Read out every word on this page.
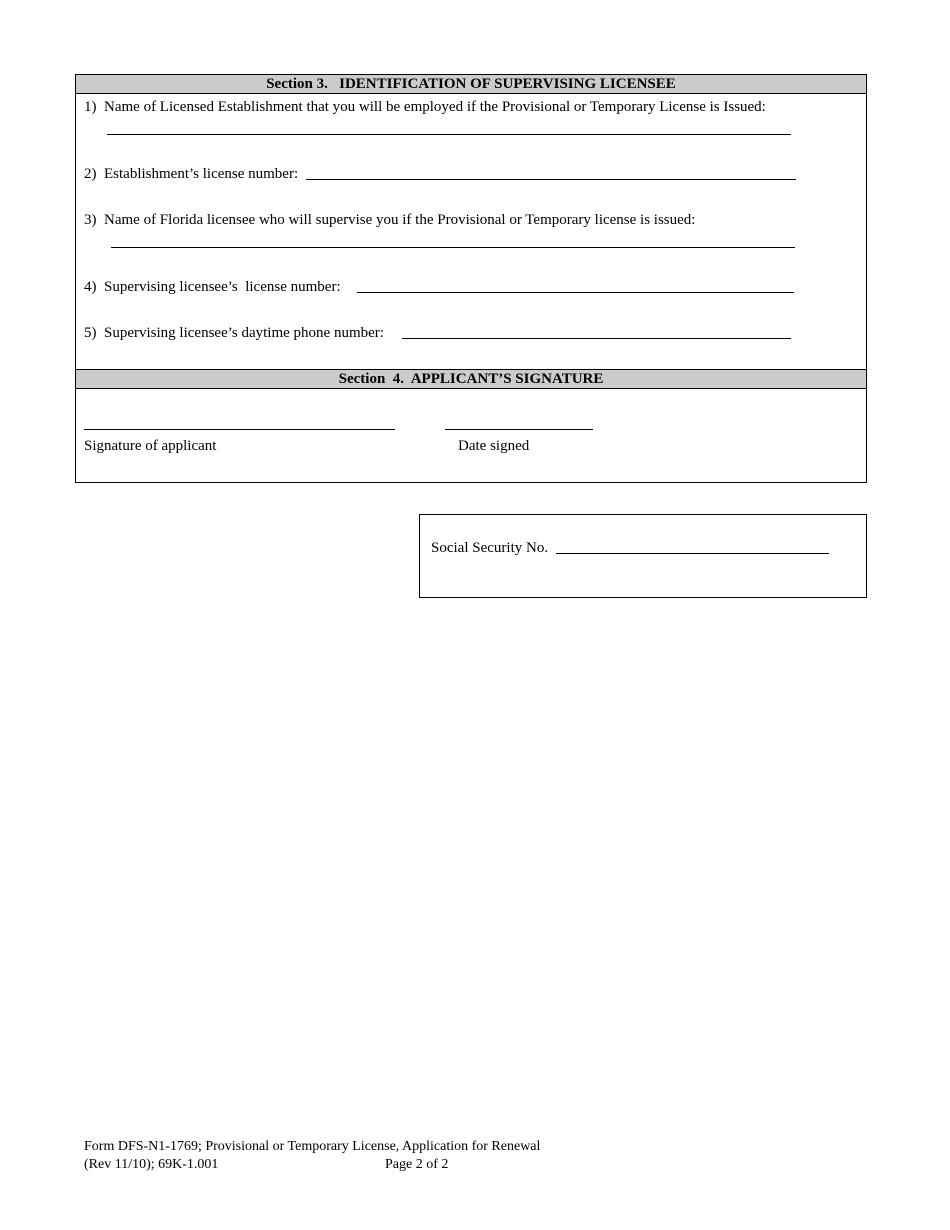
Section 3.   IDENTIFICATION OF SUPERVISING LICENSEE
1) Name of Licensed Establishment that you will be employed if the Provisional or Temporary License is Issued:
2) Establishment’s license number:
3) Name of Florida licensee who will supervise you if the Provisional or Temporary license is issued:
4) Supervising licensee’s  license number:
5) Supervising licensee’s daytime phone number:
Section  4.  APPLICANT’S SIGNATURE
Signature of applicant	Date signed
Social Security No.
Form DFS-N1-1769; Provisional or Temporary License, Application for Renewal
(Rev 11/10); 69K-1.001	Page 2 of 2
